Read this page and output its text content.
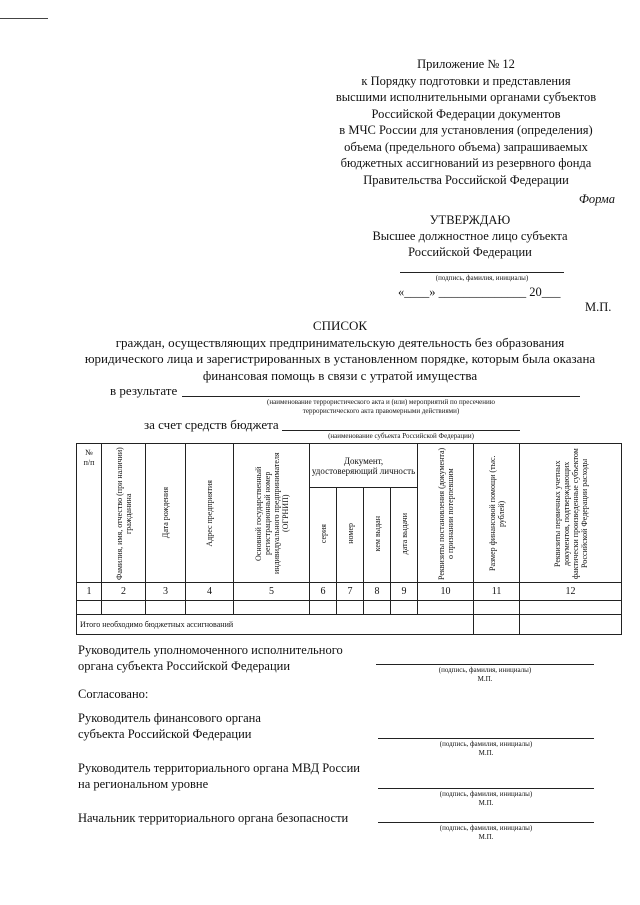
Приложение № 12
к Порядку подготовки и представления
высшими исполнительными органами субъектов
Российской Федерации документов
в МЧС России для установления (определения)
объема (предельного объема) запрашиваемых
бюджетных ассигнований из резервного фонда
Правительства Российской Федерации
Форма
УТВЕРЖДАЮ
Высшее должностное лицо субъекта
Российской Федерации
(подпись, фамилия, инициалы)
«____» ______________ 20___
М.П.
СПИСОК
граждан, осуществляющих предпринимательскую деятельность без образования
юридического лица и зарегистрированных в установленном порядке, которым была оказана
финансовая помощь в связи с утратой имущества
в результате
(наименование террористического акта и (или) мероприятий по пресечению
террористического акта правомерными действиями)
за счет средств бюджета
(наименование субъекта Российской Федерации)
№
п/п	Фамилия, имя, отчество (при наличии) гражданина	Дата рождения	Адрес предприятия	Основной государственный регистрационный номер индивидуального предпринимателя (ОГРНИП)	Документ, удостоверяющий личность				Реквизиты постановления (документа) о признании потерпевшим	Размер финансовой помощи (тыс. рублей)	Реквизиты первичных учетных документов, подтверждающих фактически произведенные субъектом Российской Федерации расходы

					серия	номер	кем выдан	дата выдачи			
1	2	3	4	5	6	7	8	9	10	11	12

Итого необходимо бюджетных ассигнований											
Руководитель уполномоченного исполнительного
органа субъекта Российской Федерации	(подпись, фамилия, инициалы)
М.П.
Согласовано:
Руководитель финансового органа
субъекта Российской Федерации
(подпись, фамилия, инициалы)
М.П.
Руководитель территориального органа МВД России
на региональном уровне
(подпись, фамилия, инициалы)
М.П.
Начальник территориального органа безопасности
(подпись, фамилия, инициалы)
М.П.
